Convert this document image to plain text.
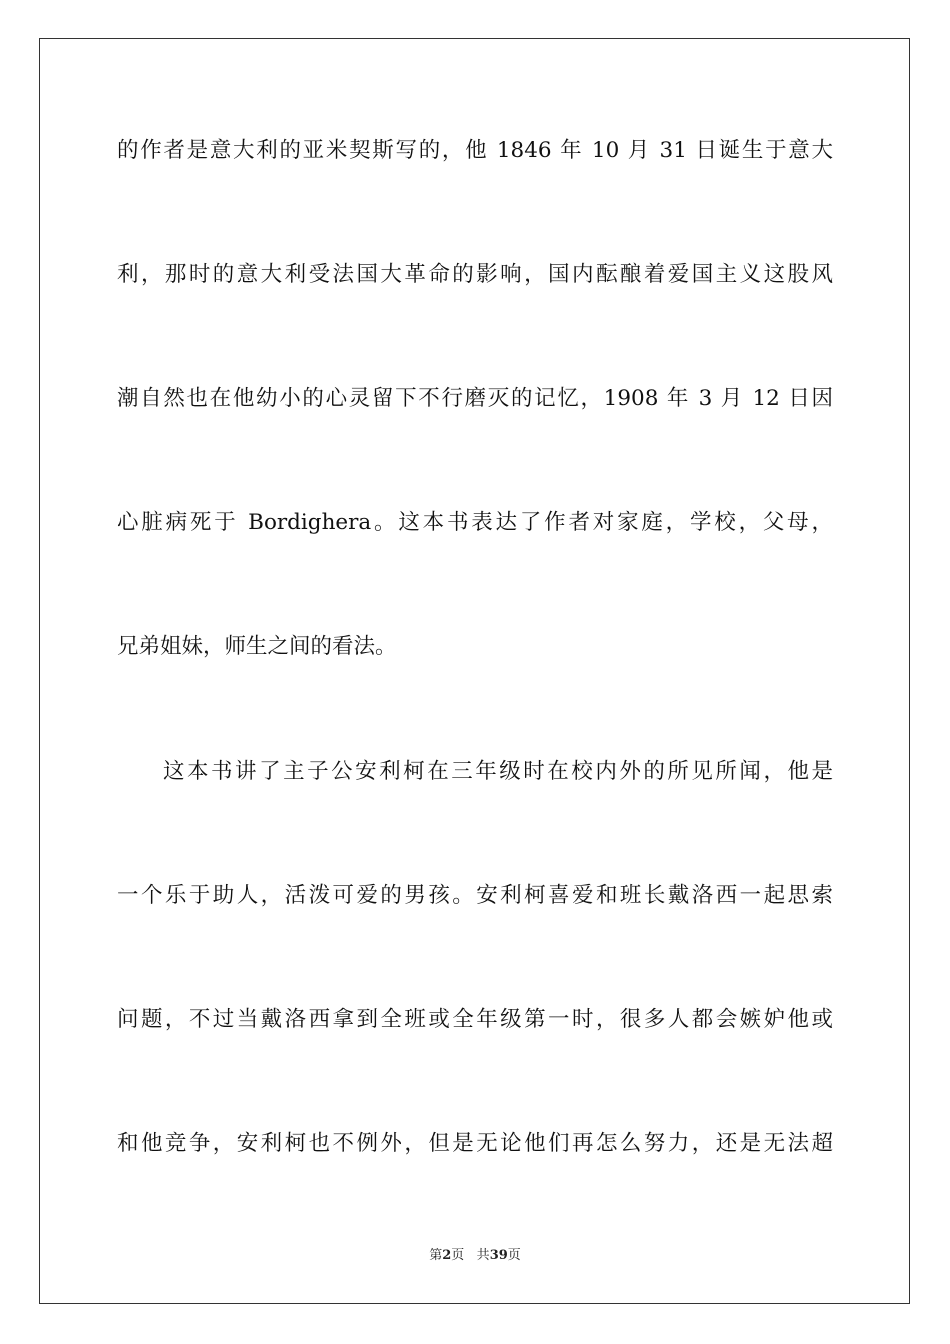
的作者是意大利的亚米契斯写的，他 1846 年 10 月 31 日诞生于意大
利，那时的意大利受法国大革命的影响，国内酝酿着爱国主义这股风
潮自然也在他幼小的心灵留下不行磨灭的记忆，1908 年 3 月 12 日因
心脏病死于 Bordighera。这本书表达了作者对家庭，学校，父母，
兄弟姐妹，师生之间的看法。
这本书讲了主子公安利柯在三年级时在校内外的所见所闻，他是
一个乐于助人，活泼可爱的男孩。安利柯喜爱和班长戴洛西一起思索
问题，不过当戴洛西拿到全班或全年级第一时，很多人都会嫉妒他或
和他竞争，安利柯也不例外，但是无论他们再怎么努力，还是无法超
第2页 共39页
